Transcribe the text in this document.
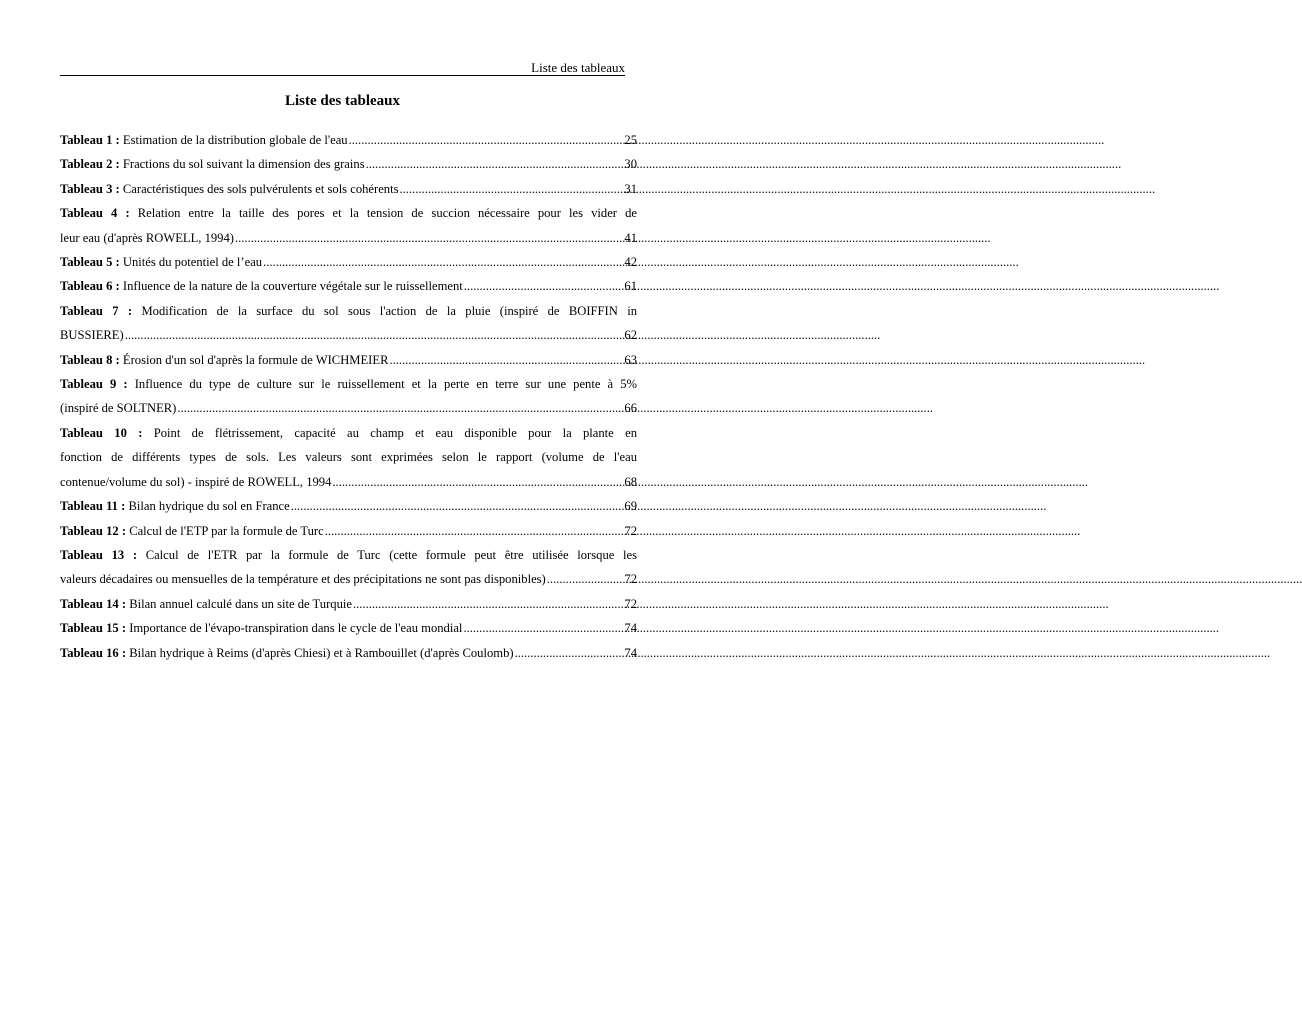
Liste des tableaux
Liste des tableaux
Tableau 1 : Estimation de la distribution globale de l'eau .....	25
Tableau 2 : Fractions du sol suivant la dimension des grains .....	30
Tableau 3 : Caractéristiques des sols pulvérulents et sols cohérents .....	31
Tableau 4 : Relation entre la taille des pores et la tension de succion nécessaire pour les vider de
leur eau (d'après ROWELL, 1994) .....	41
Tableau 5 : Unités du potentiel de l’eau .....	42
Tableau 6 : Influence de la nature de la couverture végétale sur le ruissellement .....	61
Tableau 7 : Modification de la surface du sol sous l'action de la pluie (inspiré de BOIFFIN in
BUSSIERE) .....	62
Tableau 8 : Érosion d'un sol d'après la formule de WICHMEIER .....	63
Tableau 9 : Influence du type de culture sur le ruissellement et la perte en terre sur une pente à 5%
(inspiré de SOLTNER) .....	66
Tableau 10 : Point de flétrissement, capacité au champ et eau disponible pour la plante en
fonction de différents types de sols. Les valeurs sont exprimées selon le rapport (volume de l'eau
contenue/volume du sol) - inspiré de ROWELL, 1994 .....	68
Tableau 11 : Bilan hydrique du sol en France .....	69
Tableau 12 : Calcul de l'ETP par la formule de Turc .....	72
Tableau 13 : Calcul de l'ETR par la formule de Turc (cette formule peut être utilisée lorsque les
valeurs décadaires ou mensuelles de la température et des précipitations ne sont pas disponibles) .....	72
Tableau 14 : Bilan annuel calculé dans un site de Turquie .....	72
Tableau 15 : Importance de l'évapo-transpiration dans le cycle de l'eau mondial .....	74
Tableau 16 : Bilan hydrique à Reims (d'après Chiesi) et à Rambouillet (d'après Coulomb) .....	74
